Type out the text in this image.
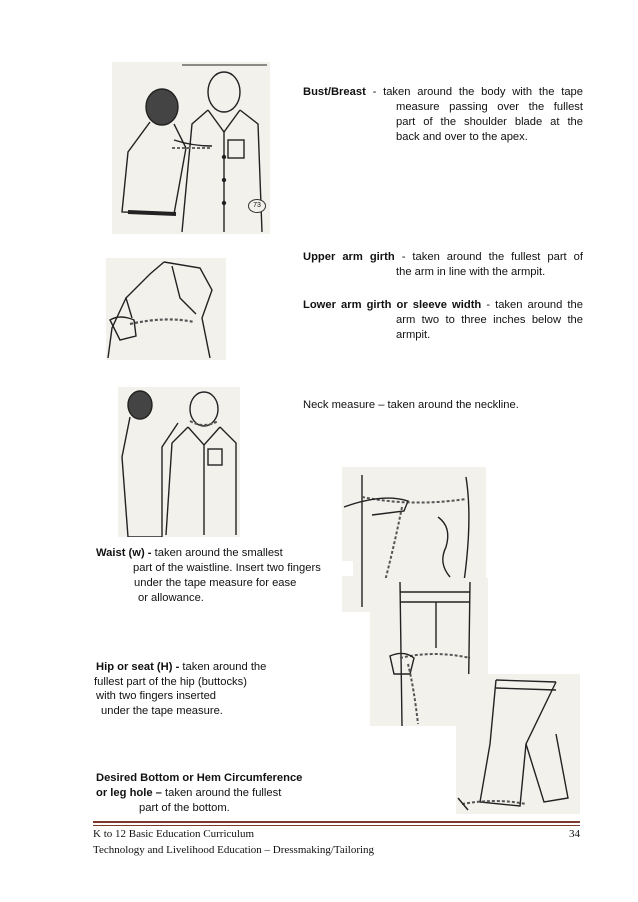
73
Bust/Breast - taken around the body with the tape
measure passing over the fullest
part of the shoulder blade at the
back and over to the apex.
Upper arm girth - taken around the fullest part of
the arm in line with the armpit.
Lower arm girth or sleeve width - taken around the
arm two to three inches below the
armpit.
Neck measure – taken around the neckline.
Waist (w) - taken around the smallest
part of the waistline. Insert two fingers
under the tape measure for ease
or allowance.
Hip or seat (H) - taken around the
fullest part of the hip (buttocks)
with two fingers inserted
under the tape measure.
Desired Bottom or Hem Circumference
or leg hole – taken around the fullest
part of the bottom.
K to 12 Basic Education Curriculum	34
Technology and Livelihood Education – Dressmaking/Tailoring
